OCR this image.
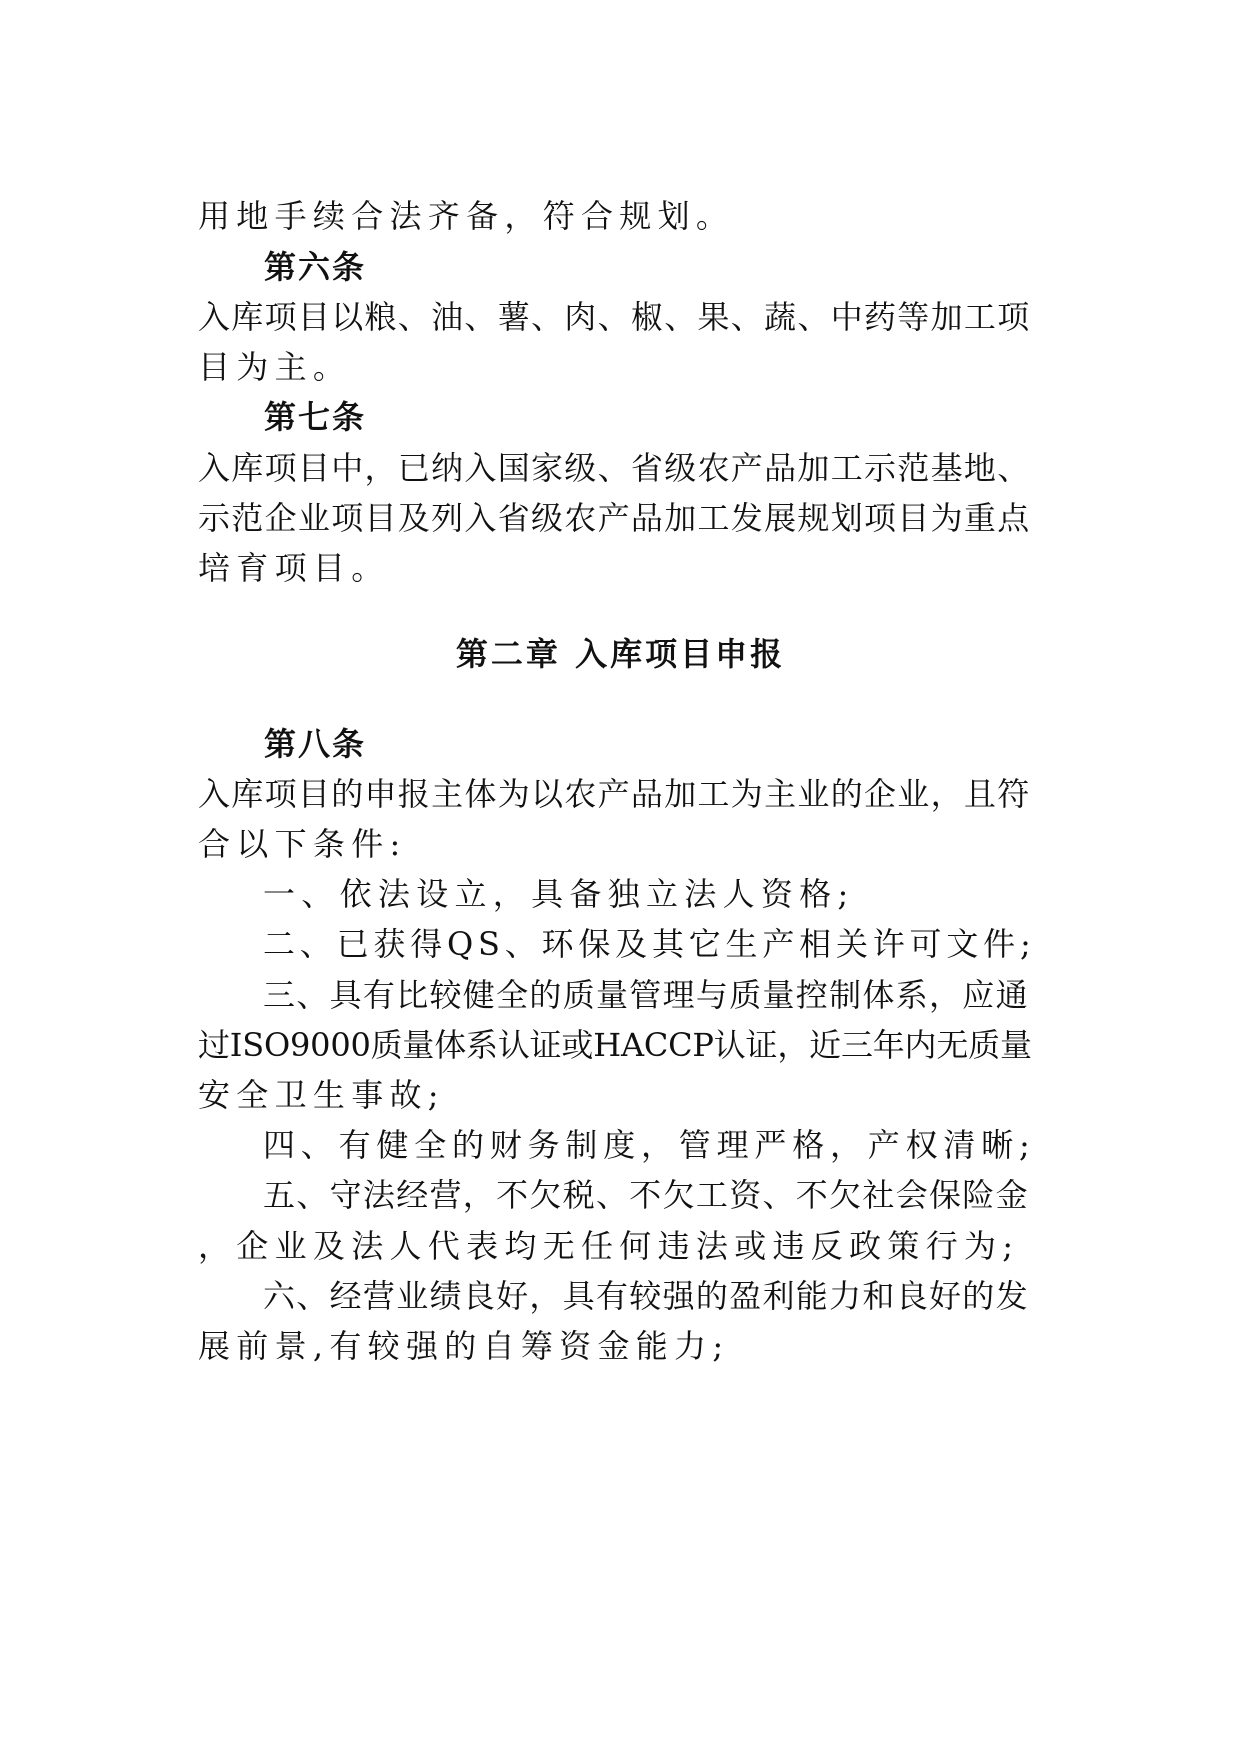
用地手续合法齐备，符合规划。
第六条
入库项目以粮、油、薯、肉、椒、果、蔬、中药等加工项
目为主。
第七条
入库项目中，已纳入国家级、省级农产品加工示范基地、
示范企业项目及列入省级农产品加工发展规划项目为重点
培育项目。
第二章 入库项目申报
第八条
入库项目的申报主体为以农产品加工为主业的企业，且符
合以下条件:
一、依法设立，具备独立法人资格;
二、已获得QS、环保及其它生产相关许可文件;
三、具有比较健全的质量管理与质量控制体系，应通
过ISO9000质量体系认证或HACCP认证，近三年内无质量
安全卫生事故;
四、有健全的财务制度，管理严格，产权清晰;
五、守法经营，不欠税、不欠工资、不欠社会保险金
，企业及法人代表均无任何违法或违反政策行为;
六、经营业绩良好，具有较强的盈利能力和良好的发
展前景,有较强的自筹资金能力;
